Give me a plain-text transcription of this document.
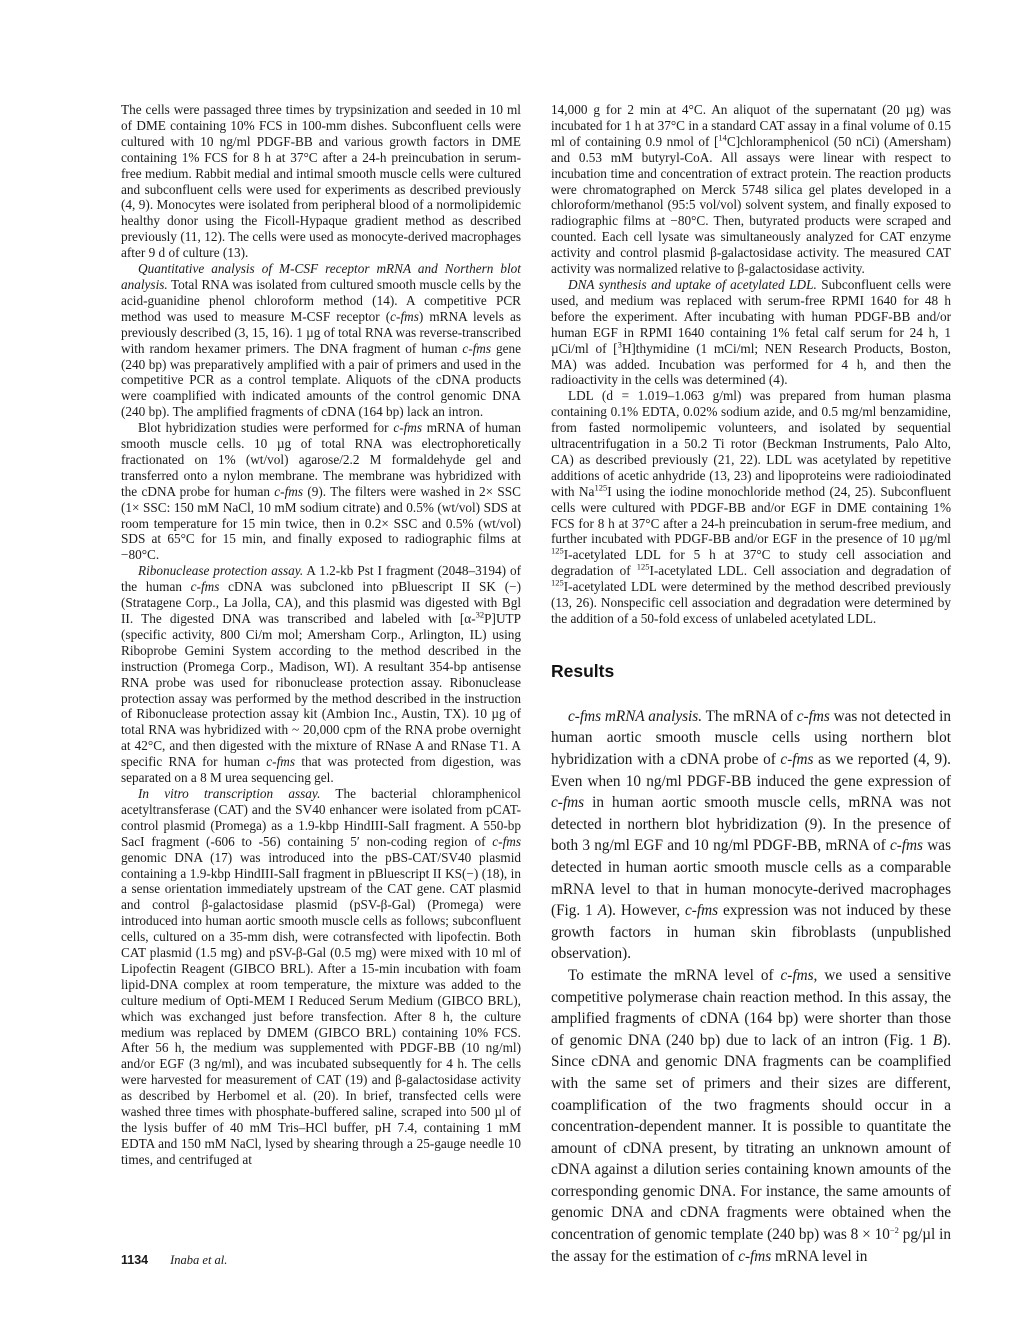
The cells were passaged three times by trypsinization and seeded in 10 ml of DME containing 10% FCS in 100-mm dishes. Subconfluent cells were cultured with 10 ng/ml PDGF-BB and various growth factors in DME containing 1% FCS for 8 h at 37°C after a 24-h preincubation in serum-free medium. Rabbit medial and intimal smooth muscle cells were cultured and subconfluent cells were used for experiments as described previously (4, 9). Monocytes were isolated from peripheral blood of a normolipidemic healthy donor using the Ficoll-Hypaque gradient method as described previously (11, 12). The cells were used as monocyte-derived macrophages after 9 d of culture (13).

Quantitative analysis of M-CSF receptor mRNA and Northern blot analysis. Total RNA was isolated from cultured smooth muscle cells by the acid-guanidine phenol chloroform method (14). A competitive PCR method was used to measure M-CSF receptor (c-fms) mRNA levels as previously described (3, 15, 16). 1 µg of total RNA was reverse-transcribed with random hexamer primers. The DNA fragment of human c-fms gene (240 bp) was preparatively amplified with a pair of primers and used in the competitive PCR as a control template. Aliquots of the cDNA products were coamplified with indicated amounts of the control genomic DNA (240 bp). The amplified fragments of cDNA (164 bp) lack an intron.

Blot hybridization studies were performed for c-fms mRNA of human smooth muscle cells. 10 µg of total RNA was electrophoretically fractionated on 1% (wt/vol) agarose/2.2 M formaldehyde gel and transferred onto a nylon membrane. The membrane was hybridized with the cDNA probe for human c-fms (9). The filters were washed in 2× SSC (1× SSC: 150 mM NaCl, 10 mM sodium citrate) and 0.5% (wt/vol) SDS at room temperature for 15 min twice, then in 0.2× SSC and 0.5% (wt/vol) SDS at 65°C for 15 min, and finally exposed to radiographic films at −80°C.

Ribonuclease protection assay. A 1.2-kb Pst I fragment (2048–3194) of the human c-fms cDNA was subcloned into pBluescript II SK (−) (Stratagene Corp., La Jolla, CA), and this plasmid was digested with Bgl II. The digested DNA was transcribed and labeled with [α-$^{32}$P]UTP (specific activity, 800 Ci/m mol; Amersham Corp., Arlington, IL) using Riboprobe Gemini System according to the method described in the instruction (Promega Corp., Madison, WI). A resultant 354-bp antisense RNA probe was used for ribonuclease protection assay. Ribonuclease protection assay was performed by the method described in the instruction of Ribonuclease protection assay kit (Ambion Inc., Austin, TX). 10 µg of total RNA was hybridized with ~ 20,000 cpm of the RNA probe overnight at 42°C, and then digested with the mixture of RNase A and RNase T1. A specific RNA for human c-fms that was protected from digestion, was separated on a 8 M urea sequencing gel.

In vitro transcription assay. The bacterial chloramphenicol acetyltransferase (CAT) and the SV40 enhancer were isolated from pCAT-control plasmid (Promega) as a 1.9-kbp HindIII-SalI fragment. A 550-bp SacI fragment (-606 to -56) containing 5′ non-coding region of c-fms genomic DNA (17) was introduced into the pBS-CAT/SV40 plasmid containing a 1.9-kbp HindIII-SalI fragment in pBluescript II KS(−) (18), in a sense orientation immediately upstream of the CAT gene. CAT plasmid and control β-galactosidase plasmid (pSV-β-Gal) (Promega) were introduced into human aortic smooth muscle cells as follows; subconfluent cells, cultured on a 35-mm dish, were cotransfected with lipofectin. Both CAT plasmid (1.5 mg) and pSV-β-Gal (0.5 mg) were mixed with 10 ml of Lipofectin Reagent (GIBCO BRL). After a 15-min incubation with foam lipid-DNA complex at room temperature, the mixture was added to the culture medium of Opti-MEM I Reduced Serum Medium (GIBCO BRL), which was exchanged just before transfection. After 8 h, the culture medium was replaced by DMEM (GIBCO BRL) containing 10% FCS. After 56 h, the medium was supplemented with PDGF-BB (10 ng/ml) and/or EGF (3 ng/ml), and was incubated subsequently for 4 h. The cells were harvested for measurement of CAT (19) and β-galactosidase activity as described by Herbomel et al. (20). In brief, transfected cells were washed three times with phosphate-buffered saline, scraped into 500 µl of the lysis buffer of 40 mM Tris–HCl buffer, pH 7.4, containing 1 mM EDTA and 150 mM NaCl, lysed by shearing through a 25-gauge needle 10 times, and centrifuged at

14,000 g for 2 min at 4°C. An aliquot of the supernatant (20 µg) was incubated for 1 h at 37°C in a standard CAT assay in a final volume of 0.15 ml of containing 0.9 nmol of [$^{14}$C]chloramphenicol (50 nCi) (Amersham) and 0.53 mM butyryl-CoA. All assays were linear with respect to incubation time and concentration of extract protein. The reaction products were chromatographed on Merck 5748 silica gel plates developed in a chloroform/methanol (95:5 vol/vol) solvent system, and finally exposed to radiographic films at −80°C. Then, butyrated products were scraped and counted. Each cell lysate was simultaneously analyzed for CAT enzyme activity and control plasmid β-galactosidase activity. The measured CAT activity was normalized relative to β-galactosidase activity.

DNA synthesis and uptake of acetylated LDL. Subconfluent cells were used, and medium was replaced with serum-free RPMI 1640 for 48 h before the experiment. After incubating with human PDGF-BB and/or human EGF in RPMI 1640 containing 1% fetal calf serum for 24 h, 1 µCi/ml of [$^3$H]thymidine (1 mCi/ml; NEN Research Products, Boston, MA) was added. Incubation was performed for 4 h, and then the radioactivity in the cells was determined (4).

LDL (d = 1.019–1.063 g/ml) was prepared from human plasma containing 0.1% EDTA, 0.02% sodium azide, and 0.5 mg/ml benzamidine, from fasted normolipemic volunteers, and isolated by sequential ultracentrifugation in a 50.2 Ti rotor (Beckman Instruments, Palo Alto, CA) as described previously (21, 22). LDL was acetylated by repetitive additions of acetic anhydride (13, 23) and lipoproteins were radioiodinated with Na$^{125}$I using the iodine monochloride method (24, 25). Subconfluent cells were cultured with PDGF-BB and/or EGF in DME containing 1% FCS for 8 h at 37°C after a 24-h preincubation in serum-free medium, and further incubated with PDGF-BB and/or EGF in the presence of 10 µg/ml $^{125}$I-acetylated LDL for 5 h at 37°C to study cell association and degradation of $^{125}$I-acetylated LDL. Cell association and degradation of $^{125}$I-acetylated LDL were determined by the method described previously (13, 26). Nonspecific cell association and degradation were determined by the addition of a 50-fold excess of unlabeled acetylated LDL.

Results

c-fms mRNA analysis. The mRNA of c-fms was not detected in human aortic smooth muscle cells using northern blot hybridization with a cDNA probe of c-fms as we reported (4, 9). Even when 10 ng/ml PDGF-BB induced the gene expression of c-fms in human aortic smooth muscle cells, mRNA was not detected in northern blot hybridization (9). In the presence of both 3 ng/ml EGF and 10 ng/ml PDGF-BB, mRNA of c-fms was detected in human aortic smooth muscle cells as a comparable mRNA level to that in human monocyte-derived macrophages (Fig. 1 A). However, c-fms expression was not induced by these growth factors in human skin fibroblasts (unpublished observation).

To estimate the mRNA level of c-fms, we used a sensitive competitive polymerase chain reaction method. In this assay, the amplified fragments of cDNA (164 bp) were shorter than those of genomic DNA (240 bp) due to lack of an intron (Fig. 1 B). Since cDNA and genomic DNA fragments can be coamplified with the same set of primers and their sizes are different, coamplification of the two fragments should occur in a concentration-dependent manner. It is possible to quantitate the amount of cDNA present, by titrating an unknown amount of cDNA against a dilution series containing known amounts of the corresponding genomic DNA. For instance, the same amounts of genomic DNA and cDNA fragments were obtained when the concentration of genomic template (240 bp) was $8 \times 10^{-2}$ pg/µl in the assay for the estimation of c-fms mRNA level in

1134 Inaba et al.
